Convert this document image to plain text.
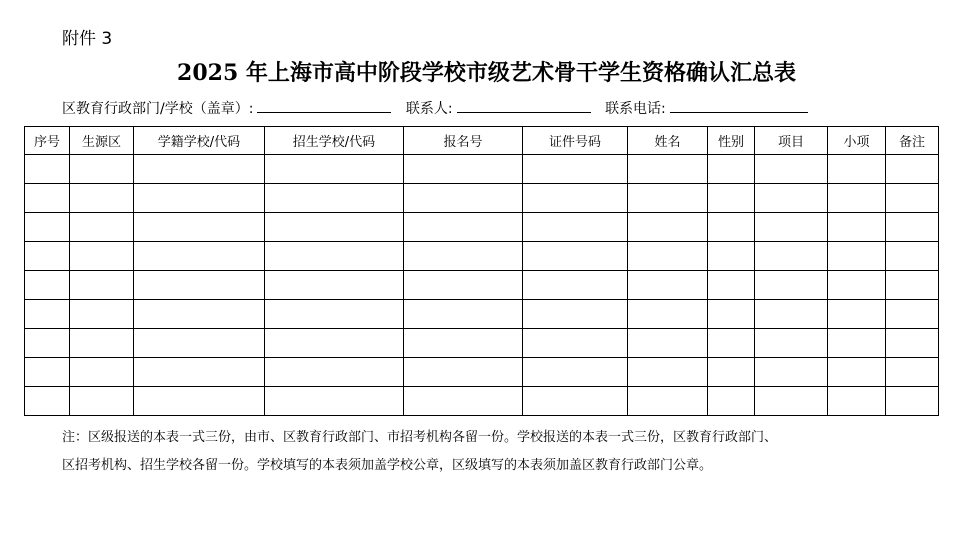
附件 3
2025 年上海市高中阶段学校市级艺术骨干学生资格确认汇总表
区教育行政部门/学校（盖章）:	联系人:	联系电话:
序号	生源区	学籍学校/代码	招生学校/代码	报名号	证件号码	姓名	性别	项目	小项	备注

注：区级报送的本表一式三份，由市、区教育行政部门、市招考机构各留一份。学校报送的本表一式三份，区教育行政部门、

区招考机构、招生学校各留一份。学校填写的本表须加盖学校公章，区级填写的本表须加盖区教育行政部门公章。
